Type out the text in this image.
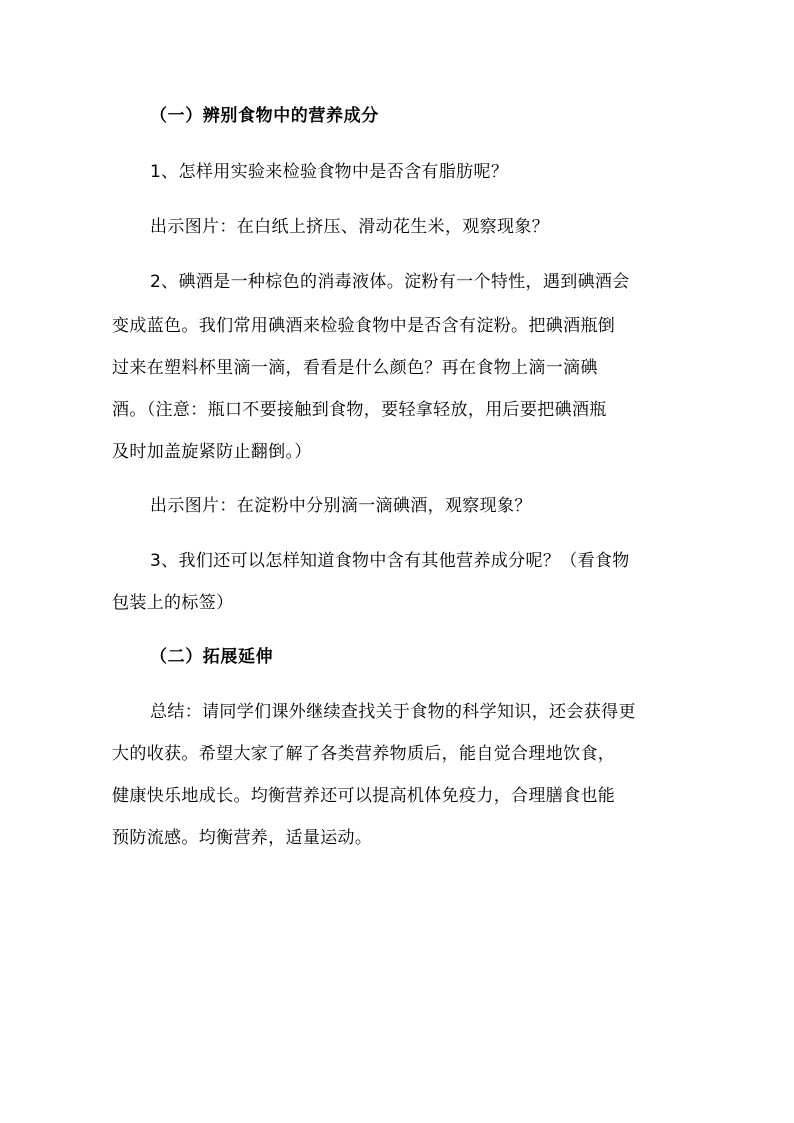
（一）辨别食物中的营养成分
1、怎样用实验来检验食物中是否含有脂肪呢？
出示图片：在白纸上挤压、滑动花生米，观察现象？
2、碘酒是一种棕色的消毒液体。淀粉有一个特性，遇到碘酒会
变成蓝色。我们常用碘酒来检验食物中是否含有淀粉。把碘酒瓶倒
过来在塑料杯里滴一滴，看看是什么颜色？再在食物上滴一滴碘
酒。（注意：瓶口不要接触到食物，要轻拿轻放，用后要把碘酒瓶
及时加盖旋紧防止翻倒。）
出示图片：在淀粉中分别滴一滴碘酒，观察现象？
3、我们还可以怎样知道食物中含有其他营养成分呢？（看食物
包装上的标签）
（二）拓展延伸
总结：请同学们课外继续查找关于食物的科学知识，还会获得更
大的收获。希望大家了解了各类营养物质后，能自觉合理地饮食，
健康快乐地成长。均衡营养还可以提高机体免疫力，合理膳食也能
预防流感。均衡营养，适量运动。
